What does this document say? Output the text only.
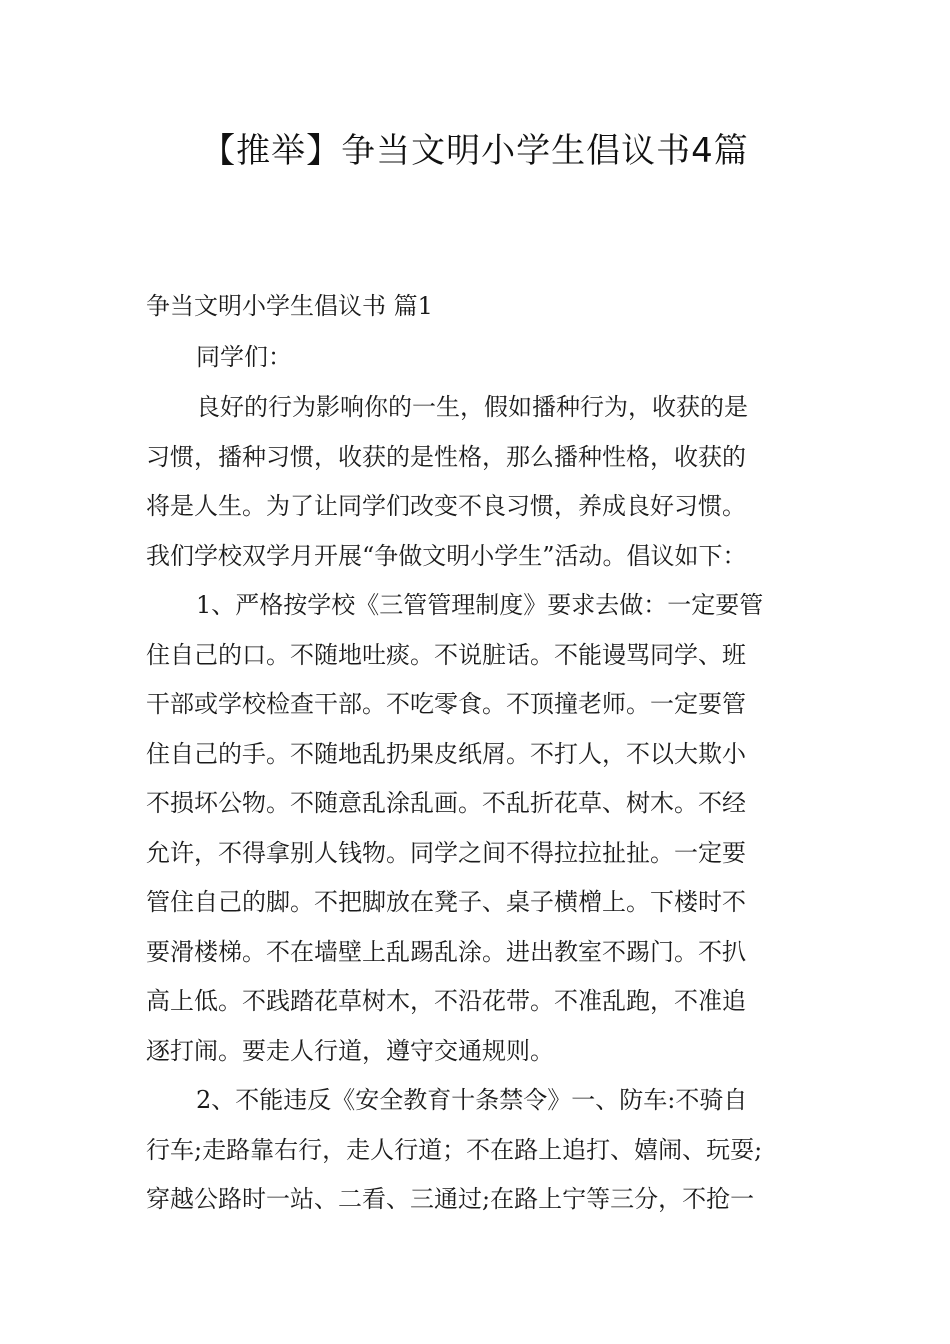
【推举】争当文明小学生倡议书4篇

争当文明小学生倡议书 篇1

同学们：

良好的行为影响你的一生，假如播种行为，收获的是

习惯，播种习惯，收获的是性格，那么播种性格，收获的

将是人生。为了让同学们改变不良习惯，养成良好习惯。

我们学校双学月开展“争做文明小学生”活动。倡议如下：

1、严格按学校《三管管理制度》要求去做：一定要管

住自己的口。不随地吐痰。不说脏话。不能谩骂同学、班

干部或学校检查干部。不吃零食。不顶撞老师。一定要管

住自己的手。不随地乱扔果皮纸屑。不打人，不以大欺小

不损坏公物。不随意乱涂乱画。不乱折花草、树木。不经

允许，不得拿别人钱物。同学之间不得拉拉扯扯。一定要

管住自己的脚。不把脚放在凳子、桌子横橧上。下楼时不

要滑楼梯。不在墙壁上乱踢乱涂。进出教室不踢门。不扒

高上低。不践踏花草树木，不沿花带。不准乱跑，不准追

逐打闹。要走人行道，遵守交通规则。

2、不能违反《安全教育十条禁令》一、防车:不骑自

行车;走路靠右行，走人行道；不在路上追打、嬉闹、玩耍;

穿越公路时一站、二看、三通过;在路上宁等三分，不抢一
